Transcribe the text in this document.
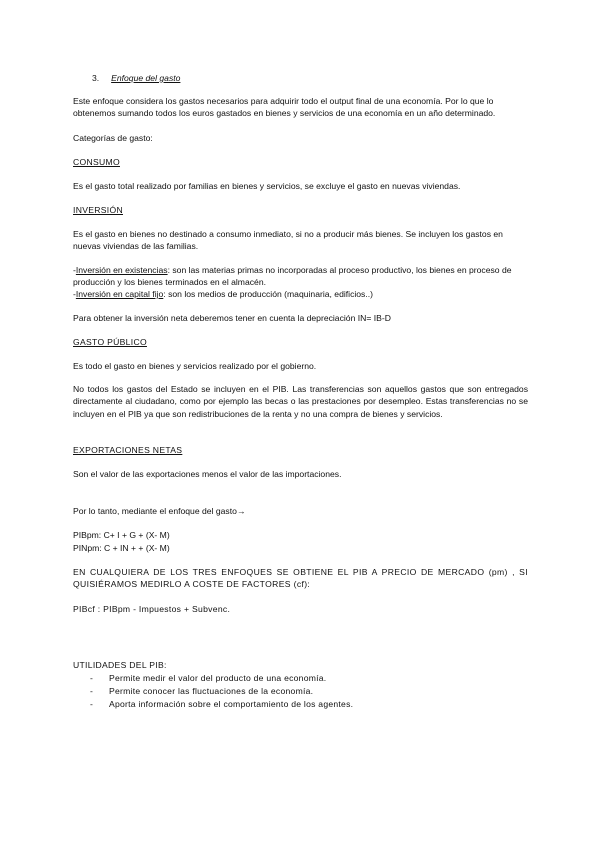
3. Enfoque del gasto
Este enfoque considera los gastos necesarios para adquirir todo el output final de una economía. Por lo que lo obtenemos sumando todos los euros gastados en bienes y servicios de una economía en un año determinado.
Categorías de gasto:
CONSUMO
Es el gasto total realizado por familias en bienes y servicios, se excluye el gasto en nuevas viviendas.
INVERSIÓN
Es el gasto en bienes no destinado a consumo inmediato, si no a producir más bienes. Se incluyen los gastos en nuevas viviendas de las familias.
-Inversión en existencias: son las materias primas no incorporadas al proceso productivo, los bienes en proceso de producción y los bienes terminados en el almacén.
-Inversión en capital fijo: son los medios de producción (maquinaria, edificios..)
Para obtener la inversión neta deberemos tener en cuenta la depreciación IN= IB-D
GASTO PÚBLICO
Es todo el gasto en bienes y servicios realizado por el gobierno.
No todos los gastos del Estado se incluyen en el PIB. Las transferencias son aquellos gastos que son entregados directamente al ciudadano, como por ejemplo las becas o las prestaciones por desempleo. Estas transferencias no se incluyen en el PIB ya que son redistribuciones de la renta y no una compra de bienes y servicios.
EXPORTACIONES NETAS
Son el valor de las exportaciones menos el valor de las importaciones.
Por lo tanto, mediante el enfoque del gasto→
PIBpm: C+ I + G + (X- M)
PINpm: C + IN + + (X- M)
EN CUALQUIERA DE LOS TRES ENFOQUES SE OBTIENE EL PIB A PRECIO DE MERCADO (pm) , SI QUISIÉRAMOS MEDIRLO A COSTE DE FACTORES (cf):
PIBcf : PIBpm - Impuestos + Subvenc.
UTILIDADES DEL PIB:
- Permite medir el valor del producto de una economía.
- Permite conocer las fluctuaciones de la economía.
- Aporta información sobre el comportamiento de los agentes.
